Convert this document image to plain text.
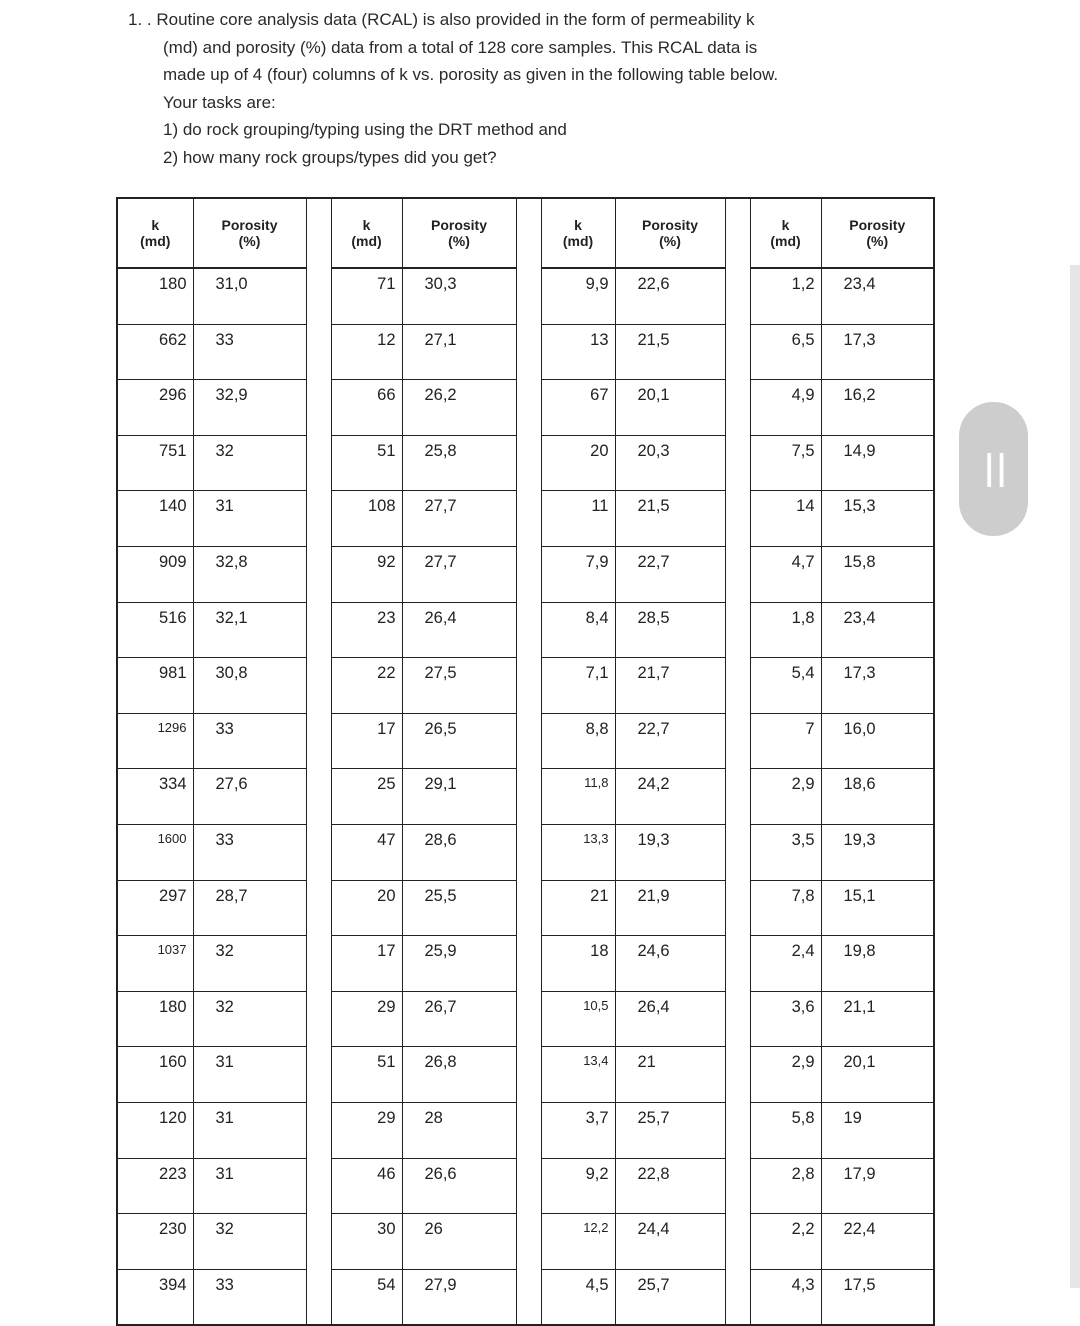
1. . Routine core analysis data (RCAL) is also provided in the form of permeability k
(md) and porosity (%) data from a total of 128 core samples. This RCAL data is
made up of 4 (four) columns of k vs. porosity as given in the following table below.
Your tasks are:
1) do rock grouping/typing using the DRT method and
2) how many rock groups/types did you get?
k
(md)	Porosity
(%)		k
(md)	Porosity
(%)		k
(md)	Porosity
(%)		k
(md)	Porosity
(%)
180	31,0		71	30,3		9,9	22,6		1,2	23,4
662	33		12	27,1		13	21,5		6,5	17,3
296	32,9		66	26,2		67	20,1		4,9	16,2
751	32		51	25,8		20	20,3		7,5	14,9
140	31		108	27,7		11	21,5		14	15,3
909	32,8		92	27,7		7,9	22,7		4,7	15,8
516	32,1		23	26,4		8,4	28,5		1,8	23,4
981	30,8		22	27,5		7,1	21,7		5,4	17,3
1296	33		17	26,5		8,8	22,7		7	16,0
334	27,6		25	29,1		11,8	24,2		2,9	18,6
1600	33		47	28,6		13,3	19,3		3,5	19,3
297	28,7		20	25,5		21	21,9		7,8	15,1
1037	32		17	25,9		18	24,6		2,4	19,8
180	32		29	26,7		10,5	26,4		3,6	21,1
160	31		51	26,8		13,4	21		2,9	20,1
120	31		29	28		3,7	25,7		5,8	19
223	31		46	26,6		9,2	22,8		2,8	17,9
230	32		30	26		12,2	24,4		2,2	22,4
394	33		54	27,9		4,5	25,7		4,3	17,5
||
